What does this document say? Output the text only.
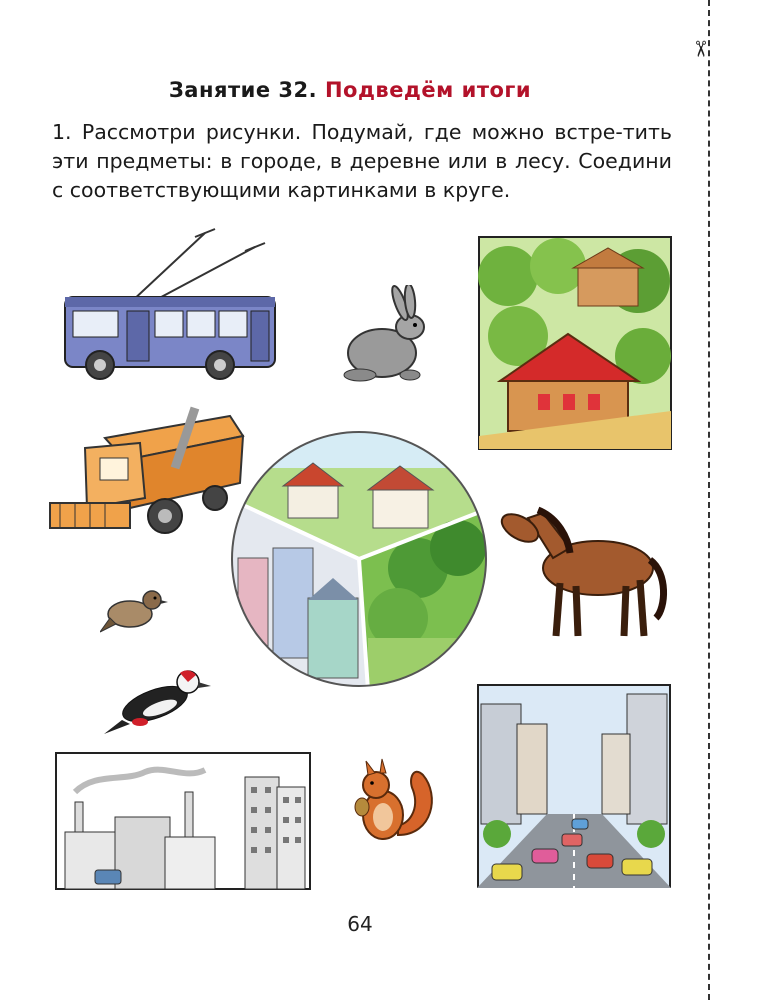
✂
Занятие 32. Подведём итоги

1. Рассмотри рисунки. Подумай, где можно встре-тить эти предметы: в городе, в деревне или в лесу. Соедини с соответствующими картинками в круге.

64
